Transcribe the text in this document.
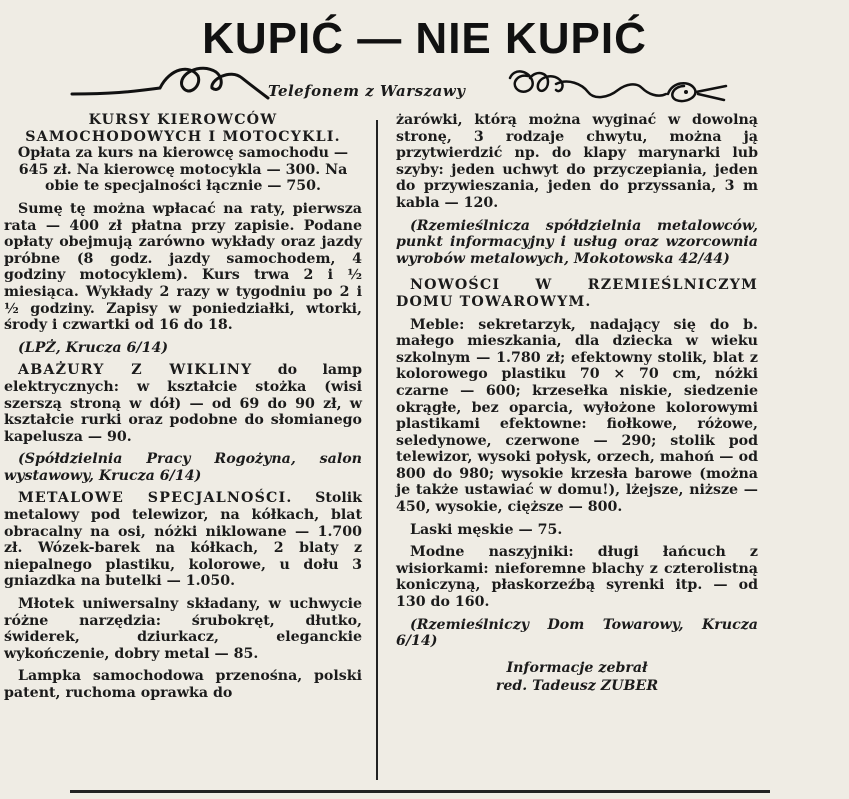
KUPIĆ — NIE KUPIĆ
Telefonem z Warszawy

KURSY KIEROWCÓW SAMOCHODOWYCH I MOTOCYKLI. Opłata za kurs na kierowcę samochodu — 645 zł. Na kierowcę motocykla — 300. Na obie te specjalności łącznie — 750.

Sumę tę można wpłacać na raty, pierwsza rata — 400 zł płatna przy zapisie. Podane opłaty obejmują zarówno wykłady oraz jazdy próbne (8 godz. jazdy samochodem, 4 godziny motocyklem). Kurs trwa 2 i ½ miesiąca. Wykłady 2 razy w tygodniu po 2 i ½ godziny. Zapisy w poniedziałki, wtorki, środy i czwartki od 16 do 18.

(LPŻ, Krucza 6/14)

ABAŻURY Z WIKLINY do lamp elektrycznych: w kształcie stożka (wisi szerszą stroną w dół) — od 69 do 90 zł, w kształcie rurki oraz podobne do słomianego kapelusza — 90.

(Spółdzielnia Pracy Rogożyna, salon wystawowy, Krucza 6/14)

METALOWE SPECJALNOŚCI. Stolik metalowy pod telewizor, na kółkach, blat obracalny na osi, nóżki niklowane — 1.700 zł. Wózek-barek na kółkach, 2 blaty z niepalnego plastiku, kolorowe, u dołu 3 gniazdka na butelki — 1.050.

Młotek uniwersalny składany, w uchwycie różne narzędzia: śrubokręt, dłutko, świderek, dziurkacz, eleganckie wykończenie, dobry metal — 85.

Lampka samochodowa przenośna, polski patent, ruchoma oprawka do

żarówki, którą można wyginać w dowolną stronę, 3 rodzaje chwytu, można ją przytwierdzić np. do klapy marynarki lub szyby: jeden uchwyt do przyczepiania, jeden do przywieszania, jeden do przyssania, 3 m kabla — 120.

(Rzemieślnicza spółdzielnia metalowców, punkt informacyjny i usług oraz wzorcownia wyrobów metalowych, Mokotowska 42/44)

NOWOŚCI W RZEMIEŚLNICZYM DOMU TOWAROWYM.

Meble: sekretarzyk, nadający się do b. małego mieszkania, dla dziecka w wieku szkolnym — 1.780 zł; efektowny stolik, blat z kolorowego plastiku 70 × 70 cm, nóżki czarne — 600; krzesełka niskie, siedzenie okrągłe, bez oparcia, wyłożone kolorowymi plastikami efektowne: fiołkowe, różowe, seledynowe, czerwone — 290; stolik pod telewizor, wysoki połysk, orzech, mahoń — od 800 do 980; wysokie krzesła barowe (można je także ustawiać w domu!), lżejsze, niższe — 450, wysokie, cięższe — 800.

Laski męskie — 75.

Modne naszyjniki: długi łańcuch z wisiorkami: nieforemne blachy z czterolistną koniczyną, płaskorzeźbą syrenki itp. — od 130 do 160.

(Rzemieślniczy Dom Towarowy, Krucza 6/14)

Informacje zebrał
red. Tadeusz ZUBER
